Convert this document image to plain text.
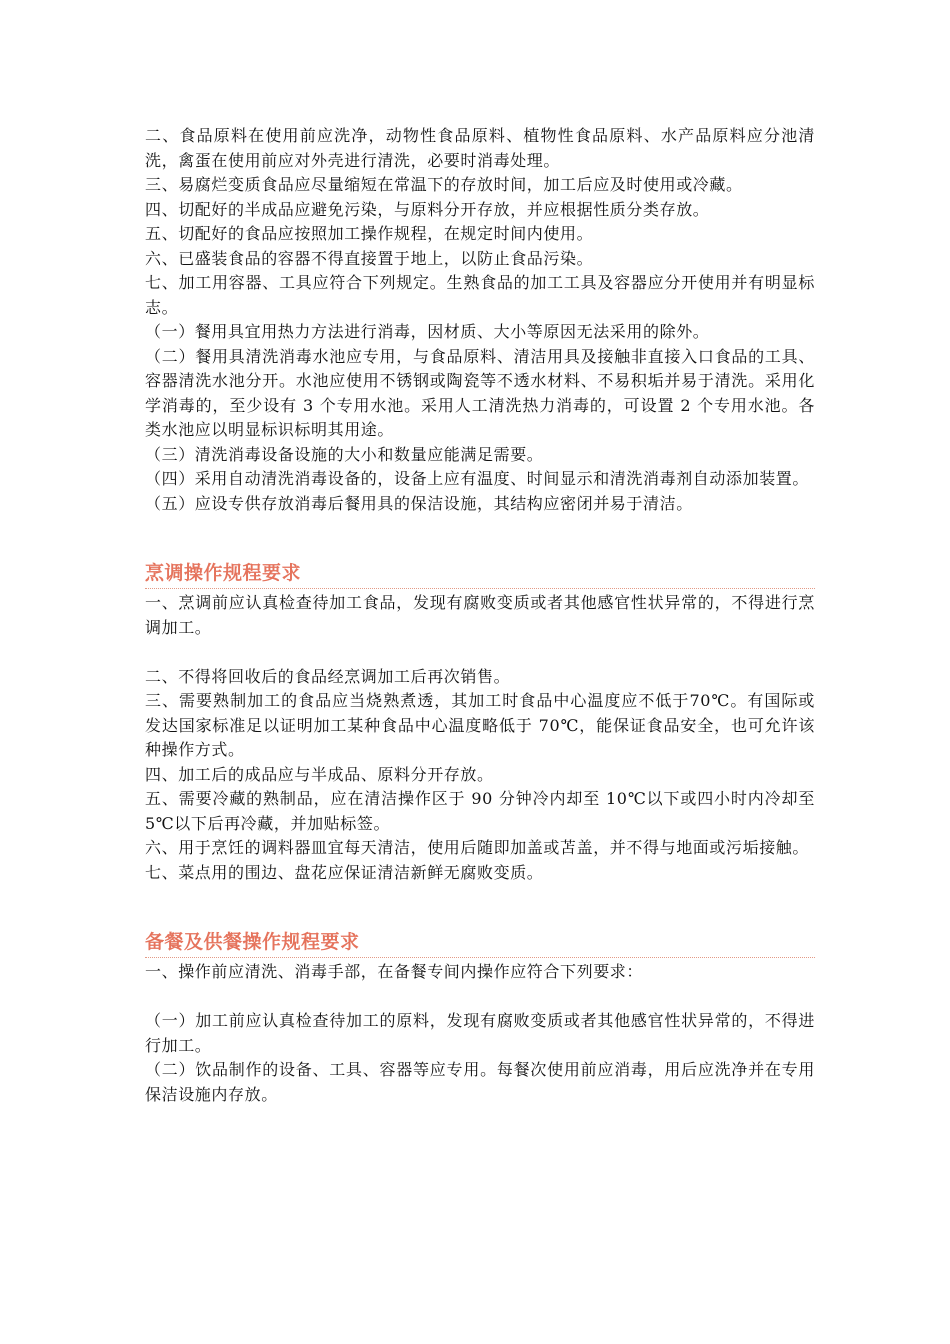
二、食品原料在使用前应洗净，动物性食品原料、植物性食品原料、水产品原料应分池清洗，禽蛋在使用前应对外壳进行清洗，必要时消毒处理。

三、易腐烂变质食品应尽量缩短在常温下的存放时间，加工后应及时使用或冷藏。

四、切配好的半成品应避免污染，与原料分开存放，并应根据性质分类存放。

五、切配好的食品应按照加工操作规程，在规定时间内使用。

六、已盛装食品的容器不得直接置于地上，以防止食品污染。

七、加工用容器、工具应符合下列规定。生熟食品的加工工具及容器应分开使用并有明显标志。

（一）餐用具宜用热力方法进行消毒，因材质、大小等原因无法采用的除外。

（二）餐用具清洗消毒水池应专用，与食品原料、清洁用具及接触非直接入口食品的工具、容器清洗水池分开。水池应使用不锈钢或陶瓷等不透水材料、不易积垢并易于清洗。采用化学消毒的，至少设有 3 个专用水池。采用人工清洗热力消毒的，可设置 2 个专用水池。各类水池应以明显标识标明其用途。

（三）清洗消毒设备设施的大小和数量应能满足需要。

（四）采用自动清洗消毒设备的，设备上应有温度、时间显示和清洗消毒剂自动添加装置。

（五）应设专供存放消毒后餐用具的保洁设施，其结构应密闭并易于清洁。

烹调操作规程要求

一、烹调前应认真检查待加工食品，发现有腐败变质或者其他感官性状异常的，不得进行烹调加工。

二、不得将回收后的食品经烹调加工后再次销售。

三、需要熟制加工的食品应当烧熟煮透，其加工时食品中心温度应不低于70℃。有国际或发达国家标准足以证明加工某种食品中心温度略低于 70℃，能保证食品安全，也可允许该种操作方式。

四、加工后的成品应与半成品、原料分开存放。

五、需要冷藏的熟制品，应在清洁操作区于 90 分钟冷内却至 10℃以下或四小时内冷却至 5℃以下后再冷藏，并加贴标签。

六、用于烹饪的调料器皿宜每天清洁，使用后随即加盖或苫盖，并不得与地面或污垢接触。

七、菜点用的围边、盘花应保证清洁新鲜无腐败变质。

备餐及供餐操作规程要求

一、操作前应清洗、消毒手部，在备餐专间内操作应符合下列要求：

（一）加工前应认真检查待加工的原料，发现有腐败变质或者其他感官性状异常的，不得进行加工。

（二）饮品制作的设备、工具、容器等应专用。每餐次使用前应消毒，用后应洗净并在专用保洁设施内存放。
